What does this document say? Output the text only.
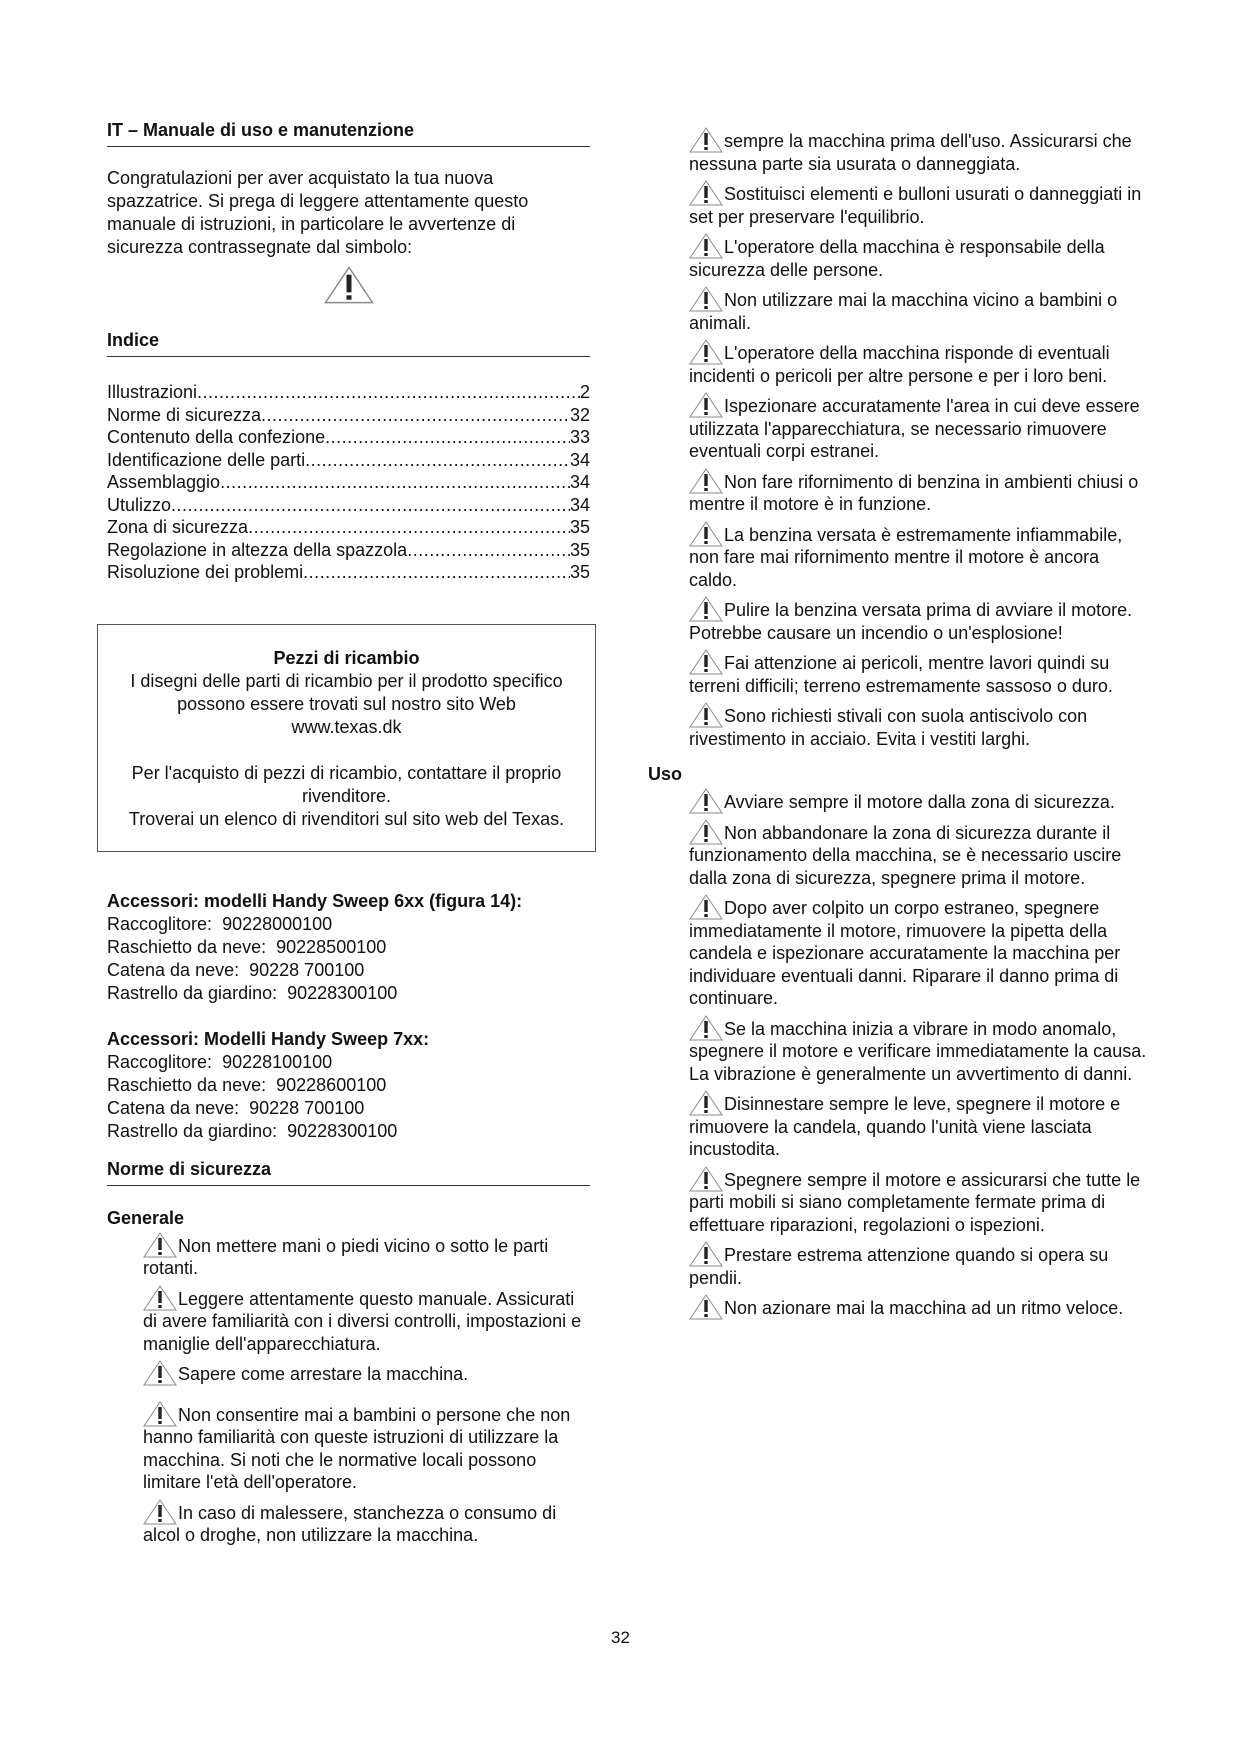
IT – Manuale di uso e manutenzione

Congratulazioni per aver acquistato la tua nuova spazzatrice. Si prega di leggere attentamente questo manuale di istruzioni, in particolare le avvertenze di sicurezza contrassegnate dal simbolo:

Indice
Illustrazioni .....	2
Norme di sicurezza .....	32
Contenuto della confezione .....	33
Identificazione delle parti .....	34
Assemblaggio .....	34
Utulizzo .....	34
Zona di sicurezza .....	35
Regolazione in altezza della spazzola .....	35
Risoluzione dei problemi .....	35
Pezzi di ricambio
I disegni delle parti di ricambio per il prodotto specifico
possono essere trovati sul nostro sito Web
www.texas.dk
Per l'acquisto di pezzi di ricambio, contattare il proprio
rivenditore.
Troverai un elenco di rivenditori sul sito web del Texas.
Accessori: modelli Handy Sweep 6xx (figura 14):
Raccoglitore: 90228000100
Raschietto da neve: 90228500100
Catena da neve: 90228 700100
Rastrello da giardino: 90228300100
Accessori: Modelli Handy Sweep 7xx:
Raccoglitore: 90228100100
Raschietto da neve: 90228600100
Catena da neve: 90228 700100
Rastrello da giardino: 90228300100
Norme di sicurezza
Generale
Non mettere mani o piedi vicino o sotto le parti rotanti.
Leggere attentamente questo manuale. Assicurati di avere familiarità con i diversi controlli, impostazioni e maniglie dell'apparecchiatura.
Sapere come arrestare la macchina.
Non consentire mai a bambini o persone che non hanno familiarità con queste istruzioni di utilizzare la macchina. Si noti che le normative locali possono limitare l'età dell'operatore.
In caso di malessere, stanchezza o consumo di alcol o droghe, non utilizzare la macchina.
sempre la macchina prima dell'uso. Assicurarsi che nessuna parte sia usurata o danneggiata.
Sostituisci elementi e bulloni usurati o danneggiati in set per preservare l'equilibrio.
L'operatore della macchina è responsabile della sicurezza delle persone.
Non utilizzare mai la macchina vicino a bambini o animali.
L'operatore della macchina risponde di eventuali incidenti o pericoli per altre persone e per i loro beni.
Ispezionare accuratamente l'area in cui deve essere utilizzata l'apparecchiatura, se necessario rimuovere eventuali corpi estranei.
Non fare rifornimento di benzina in ambienti chiusi o mentre il motore è in funzione.
La benzina versata è estremamente infiammabile, non fare mai rifornimento mentre il motore è ancora caldo.
Pulire la benzina versata prima di avviare il motore. Potrebbe causare un incendio o un'esplosione!
Fai attenzione ai pericoli, mentre lavori quindi su terreni difficili; terreno estremamente sassoso o duro.
Sono richiesti stivali con suola antiscivolo con rivestimento in acciaio. Evita i vestiti larghi.
Uso
Avviare sempre il motore dalla zona di sicurezza.
Non abbandonare la zona di sicurezza durante il funzionamento della macchina, se è necessario uscire dalla zona di sicurezza, spegnere prima il motore.
Dopo aver colpito un corpo estraneo, spegnere immediatamente il motore, rimuovere la pipetta della candela e ispezionare accuratamente la macchina per individuare eventuali danni. Riparare il danno prima di continuare.
Se la macchina inizia a vibrare in modo anomalo, spegnere il motore e verificare immediatamente la causa. La vibrazione è generalmente un avvertimento di danni.
Disinnestare sempre le leve, spegnere il motore e rimuovere la candela, quando l'unità viene lasciata incustodita.
Spegnere sempre il motore e assicurarsi che tutte le parti mobili si siano completamente fermate prima di effettuare riparazioni, regolazioni o ispezioni.
Prestare estrema attenzione quando si opera su pendii.
Non azionare mai la macchina ad un ritmo veloce.
32
